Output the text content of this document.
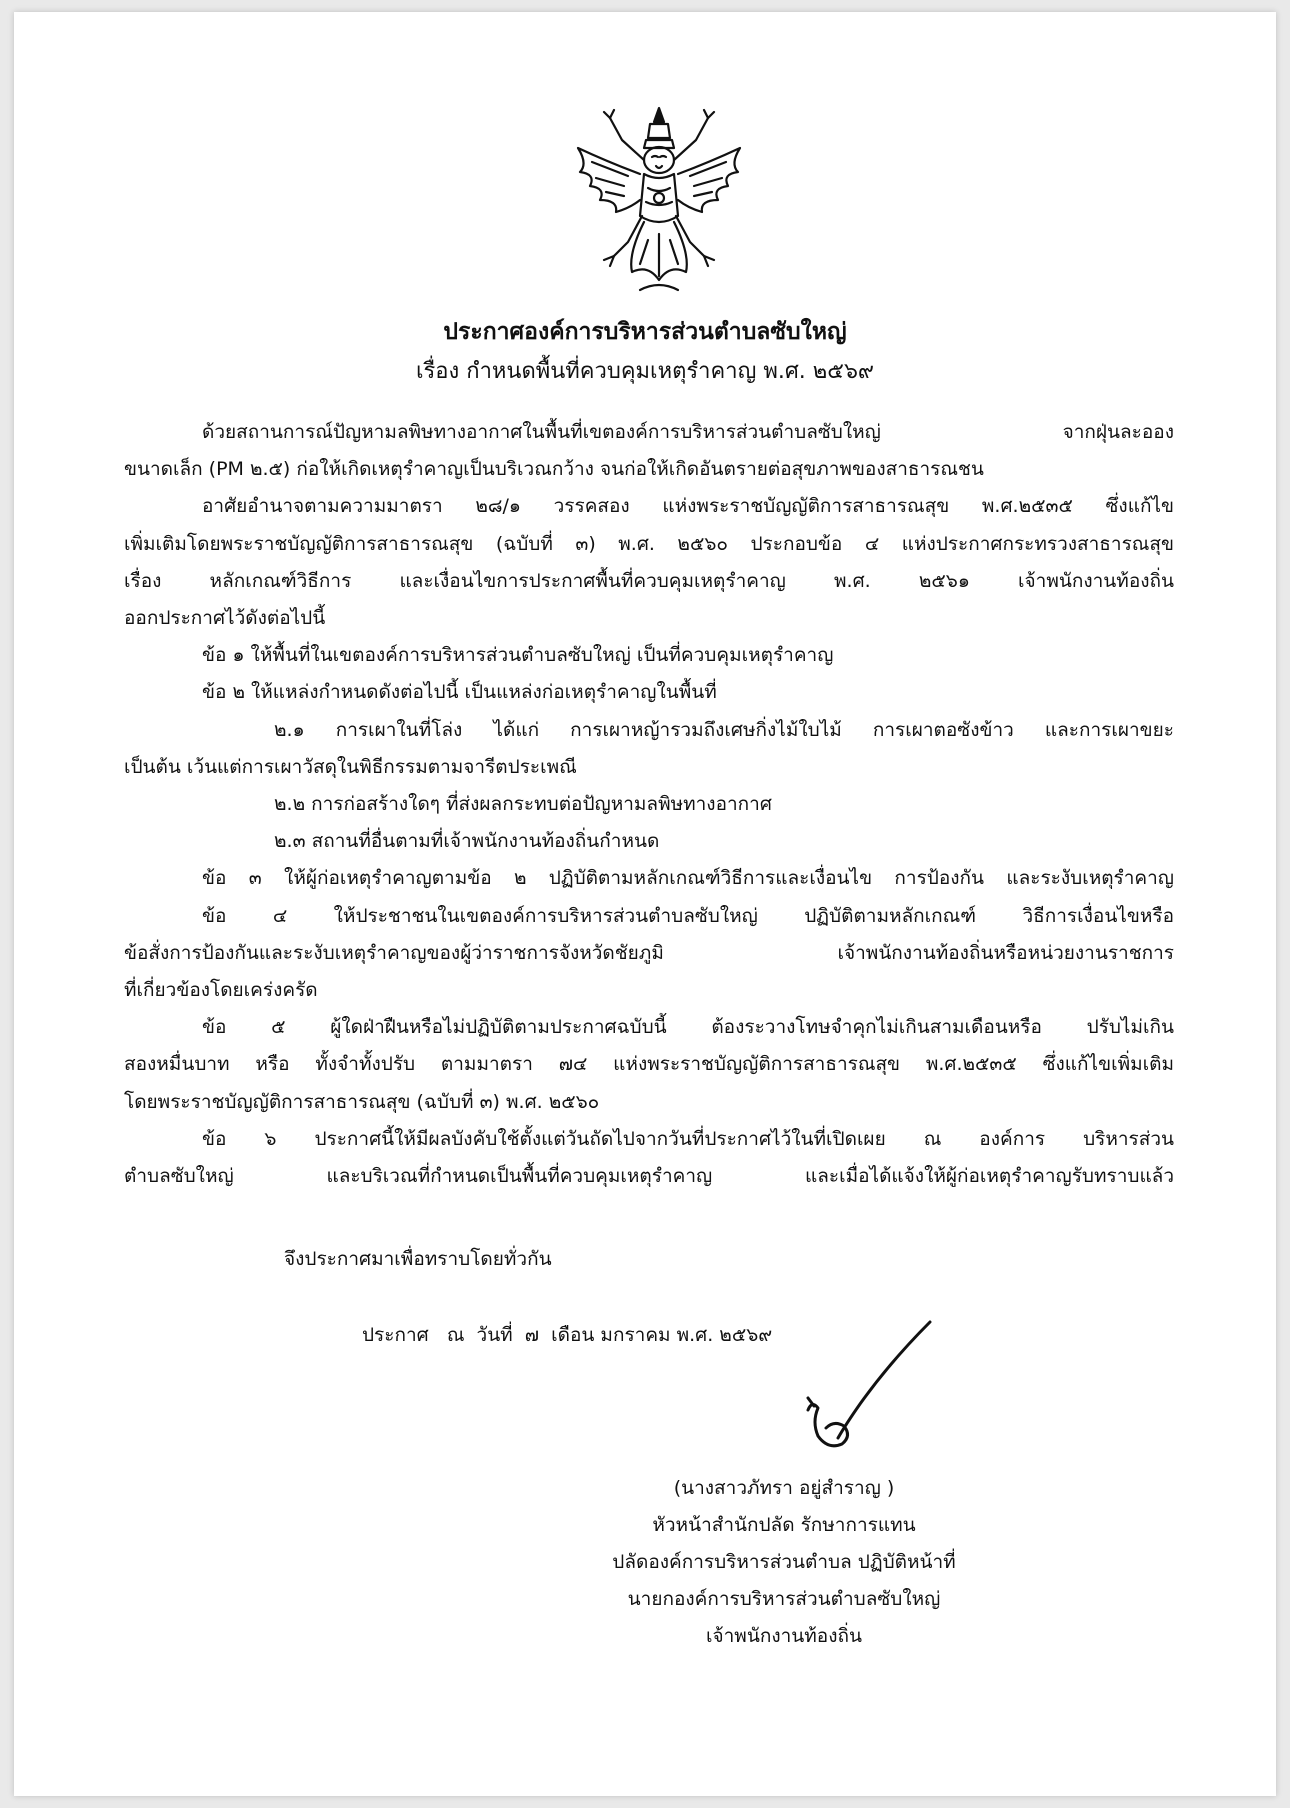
ประกาศองค์การบริหารส่วนตำบลซับใหญ่
เรื่อง กำหนดพื้นที่ควบคุมเหตุรำคาญ พ.ศ. ๒๕๖๙

ด้วยสถานการณ์ปัญหามลพิษทางอากาศในพื้นที่เขตองค์การบริหารส่วนตำบลซับใหญ่ จากฝุ่นละออง

ขนาดเล็ก (PM ๒.๕) ก่อให้เกิดเหตุรำคาญเป็นบริเวณกว้าง จนก่อให้เกิดอันตรายต่อสุขภาพของสาธารณชน

อาศัยอำนาจตามความมาตรา ๒๘/๑ วรรคสอง แห่งพระราชบัญญัติการสาธารณสุข พ.ศ.๒๕๓๕ ซึ่งแก้ไข

เพิ่มเติมโดยพระราชบัญญัติการสาธารณสุข (ฉบับที่ ๓) พ.ศ. ๒๕๖๐ ประกอบข้อ ๔ แห่งประกาศกระทรวงสาธารณสุข

เรื่อง หลักเกณฑ์วิธีการ และเงื่อนไขการประกาศพื้นที่ควบคุมเหตุรำคาญ พ.ศ. ๒๕๖๑ เจ้าพนักงานท้องถิ่น

ออกประกาศไว้ดังต่อไปนี้

ข้อ ๑ ให้พื้นที่ในเขตองค์การบริหารส่วนตำบลซับใหญ่ เป็นที่ควบคุมเหตุรำคาญ

ข้อ ๒ ให้แหล่งกำหนดดังต่อไปนี้ เป็นแหล่งก่อเหตุรำคาญในพื้นที่

๒.๑ การเผาในที่โล่ง ได้แก่ การเผาหญ้ารวมถึงเศษกิ่งไม้ใบไม้ การเผาตอซังข้าว และการเผาขยะ

เป็นต้น เว้นแต่การเผาวัสดุในพิธีกรรมตามจารีตประเพณี

๒.๒ การก่อสร้างใดๆ ที่ส่งผลกระทบต่อปัญหามลพิษทางอากาศ

๒.๓ สถานที่อื่นตามที่เจ้าพนักงานท้องถิ่นกำหนด

ข้อ ๓ ให้ผู้ก่อเหตุรำคาญตามข้อ ๒ ปฏิบัติตามหลักเกณฑ์วิธีการและเงื่อนไข การป้องกัน และระงับเหตุรำคาญ

ข้อ ๔ ให้ประชาชนในเขตองค์การบริหารส่วนตำบลซับใหญ่ ปฏิบัติตามหลักเกณฑ์ วิธีการเงื่อนไขหรือ

ข้อสั่งการป้องกันและระงับเหตุรำคาญของผู้ว่าราชการจังหวัดชัยภูมิ เจ้าพนักงานท้องถิ่นหรือหน่วยงานราชการ

ที่เกี่ยวข้องโดยเคร่งครัด

ข้อ ๕ ผู้ใดฝ่าฝืนหรือไม่ปฏิบัติตามประกาศฉบับนี้ ต้องระวางโทษจำคุกไม่เกินสามเดือนหรือ ปรับไม่เกิน

สองหมื่นบาท หรือ ทั้งจำทั้งปรับ ตามมาตรา ๗๔ แห่งพระราชบัญญัติการสาธารณสุข พ.ศ.๒๕๓๕ ซึ่งแก้ไขเพิ่มเติม

โดยพระราชบัญญัติการสาธารณสุข (ฉบับที่ ๓) พ.ศ. ๒๕๖๐

ข้อ ๖ ประกาศนี้ให้มีผลบังคับใช้ตั้งแต่วันถัดไปจากวันที่ประกาศไว้ในที่เปิดเผย ณ องค์การ บริหารส่วน

ตำบลซับใหญ่ และบริเวณที่กำหนดเป็นพื้นที่ควบคุมเหตุรำคาญ และเมื่อได้แจ้งให้ผู้ก่อเหตุรำคาญรับทราบแล้ว

จึงประกาศมาเพื่อทราบโดยทั่วกัน
ประกาศ   ณ  วันที่  ๗  เดือน มกราคม พ.ศ. ๒๕๖๙
(นางสาวภัทรา อยู่สำราญ )
หัวหน้าสำนักปลัด รักษาการแทน
ปลัดองค์การบริหารส่วนตำบล ปฏิบัติหน้าที่
นายกองค์การบริหารส่วนตำบลซับใหญ่
เจ้าพนักงานท้องถิ่น
